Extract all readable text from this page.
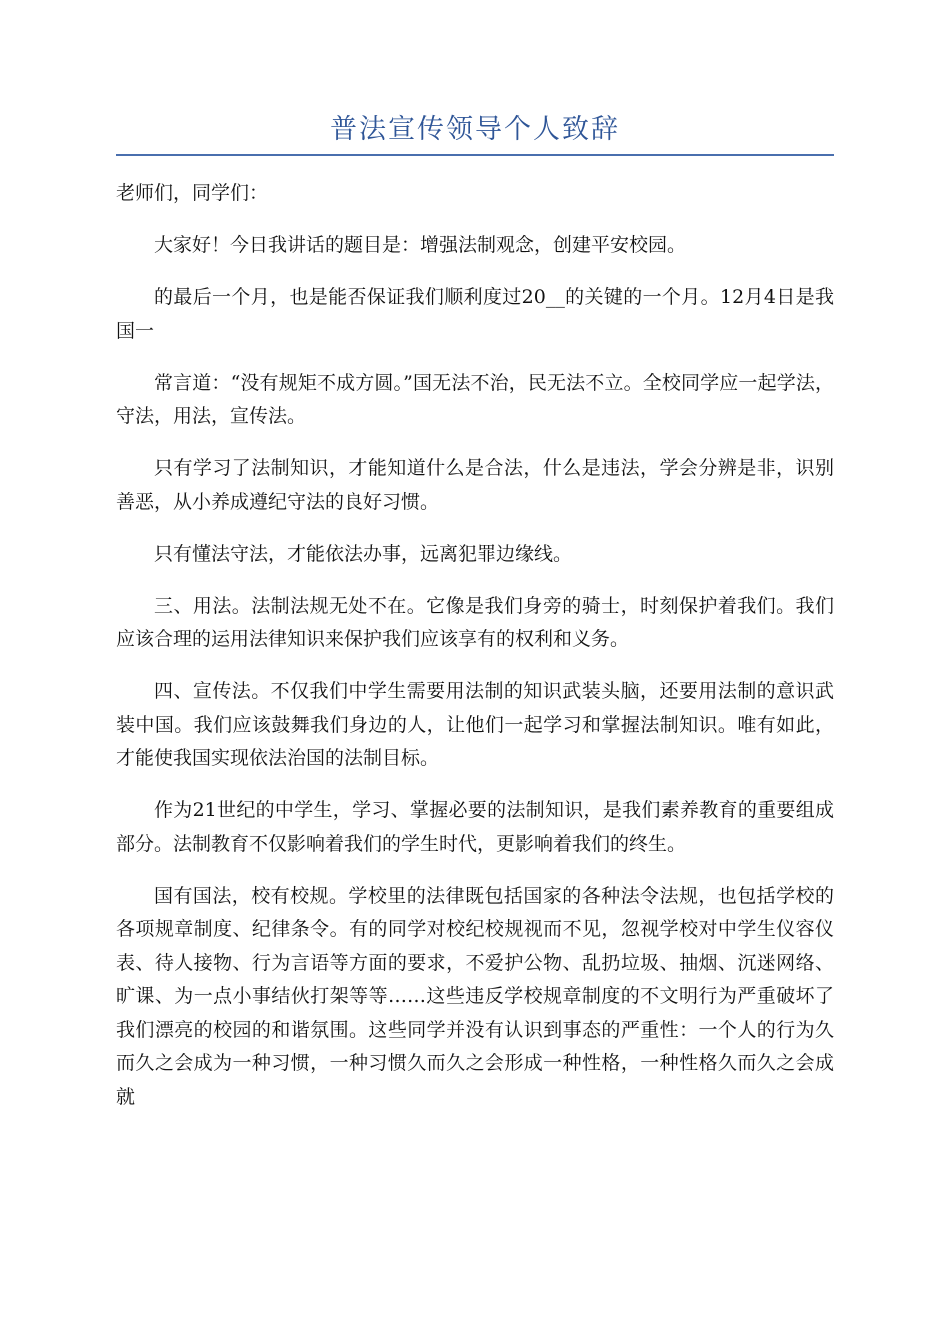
普法宣传领导个人致辞

老师们，同学们：

大家好！今日我讲话的题目是：增强法制观念，创建平安校园。

的最后一个月，也是能否保证我们顺利度过20__的关键的一个月。12月4日是我国一

常言道：“没有规矩不成方圆。”国无法不治，民无法不立。全校同学应一起学法，守法，用法，宣传法。

只有学习了法制知识，才能知道什么是合法，什么是违法，学会分辨是非，识别善恶，从小养成遵纪守法的良好习惯。

只有懂法守法，才能依法办事，远离犯罪边缘线。

三、用法。法制法规无处不在。它像是我们身旁的骑士，时刻保护着我们。我们应该合理的运用法律知识来保护我们应该享有的权利和义务。

四、宣传法。不仅我们中学生需要用法制的知识武装头脑，还要用法制的意识武装中国。我们应该鼓舞我们身边的人，让他们一起学习和掌握法制知识。唯有如此，才能使我国实现依法治国的法制目标。

作为21世纪的中学生，学习、掌握必要的法制知识，是我们素养教育的重要组成部分。法制教育不仅影响着我们的学生时代，更影响着我们的终生。

国有国法，校有校规。学校里的法律既包括国家的各种法令法规，也包括学校的各项规章制度、纪律条令。有的同学对校纪校规视而不见，忽视学校对中学生仪容仪表、待人接物、行为言语等方面的要求，不爱护公物、乱扔垃圾、抽烟、沉迷网络、旷课、为一点小事结伙打架等等……这些违反学校规章制度的不文明行为严重破坏了我们漂亮的校园的和谐氛围。这些同学并没有认识到事态的严重性：一个人的行为久而久之会成为一种习惯，一种习惯久而久之会形成一种性格，一种性格久而久之会成就
